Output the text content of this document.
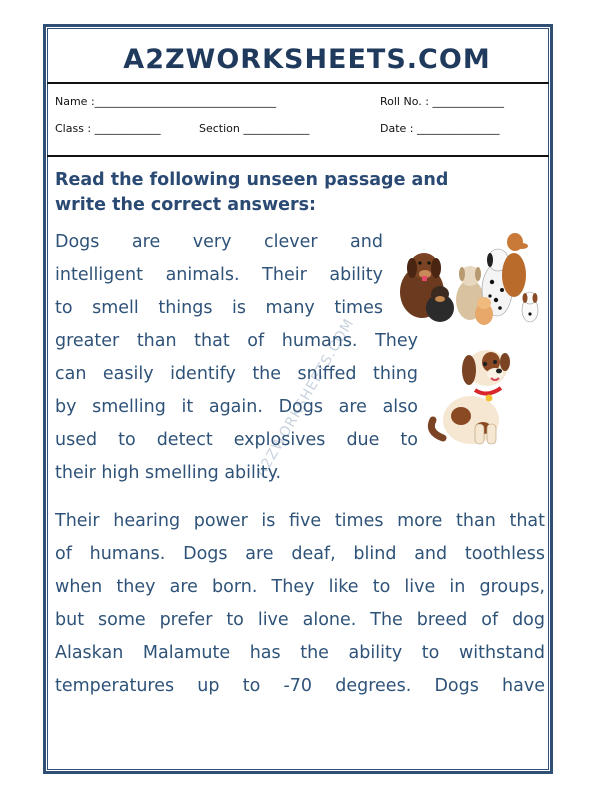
A2ZWORKSHEETS.COM
Name :_________________________________	Roll No. : _____________
Class : ____________	Section ____________	Date : _______________
Read the following unseen passage and
write the correct answers:
A2ZWORKSHEETS.COM
Dogs are very clever and
intelligent animals. Their ability
to smell things is many times
greater than that of humans. They
can easily identify the sniffed thing
by smelling it again. Dogs are also
used to detect explosives due to
their high smelling ability.
Their hearing power is five times more than that
of humans. Dogs are deaf, blind and toothless
when they are born. They like to live in groups,
but some prefer to live alone. The breed of dog
Alaskan Malamute has the ability to withstand
temperatures up to -70 degrees. Dogs have
